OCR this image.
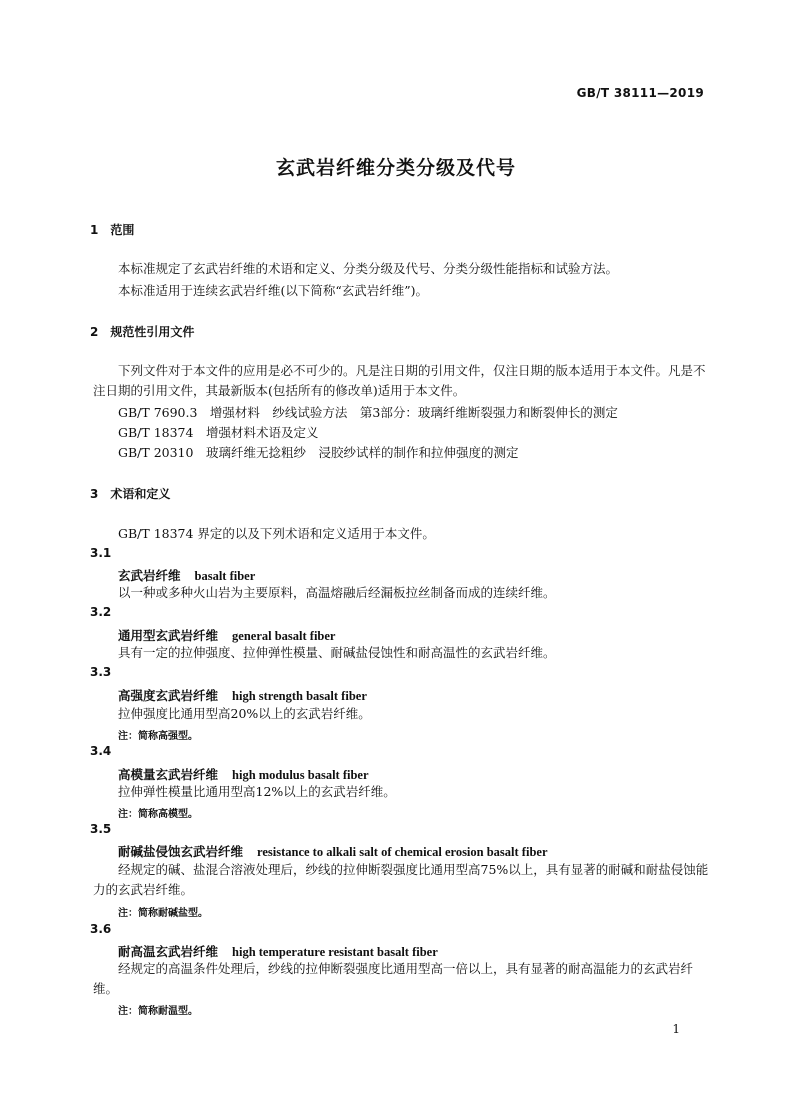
GB/T 38111—2019
玄武岩纤维分类分级及代号
1　范围
本标准规定了玄武岩纤维的术语和定义、分类分级及代号、分类分级性能指标和试验方法。
本标准适用于连续玄武岩纤维(以下简称“玄武岩纤维”)。
2　规范性引用文件
下列文件对于本文件的应用是必不可少的。凡是注日期的引用文件，仅注日期的版本适用于本文件。凡是不注日期的引用文件，其最新版本(包括所有的修改单)适用于本文件。
GB/T 7690.3　增强材料　纱线试验方法　第3部分：玻璃纤维断裂强力和断裂伸长的测定
GB/T 18374　增强材料术语及定义
GB/T 20310　玻璃纤维无捻粗纱　浸胶纱试样的制作和拉伸强度的测定
3　术语和定义
GB/T 18374 界定的以及下列术语和定义适用于本文件。
3.1
玄武岩纤维 basalt fiber
以一种或多种火山岩为主要原料，高温熔融后经漏板拉丝制备而成的连续纤维。
3.2
通用型玄武岩纤维 general basalt fiber
具有一定的拉伸强度、拉伸弹性模量、耐碱盐侵蚀性和耐高温性的玄武岩纤维。
3.3
高强度玄武岩纤维 high strength basalt fiber
拉伸强度比通用型高20%以上的玄武岩纤维。
注：简称高强型。
3.4
高模量玄武岩纤维 high modulus basalt fiber
拉伸弹性模量比通用型高12%以上的玄武岩纤维。
注：简称高模型。
3.5
耐碱盐侵蚀玄武岩纤维 resistance to alkali salt of chemical erosion basalt fiber
经规定的碱、盐混合溶液处理后，纱线的拉伸断裂强度比通用型高75%以上，具有显著的耐碱和耐盐侵蚀能力的玄武岩纤维。
注：简称耐碱盐型。
3.6
耐高温玄武岩纤维 high temperature resistant basalt fiber
经规定的高温条件处理后，纱线的拉伸断裂强度比通用型高一倍以上，具有显著的耐高温能力的玄武岩纤维。
注：简称耐温型。
1
